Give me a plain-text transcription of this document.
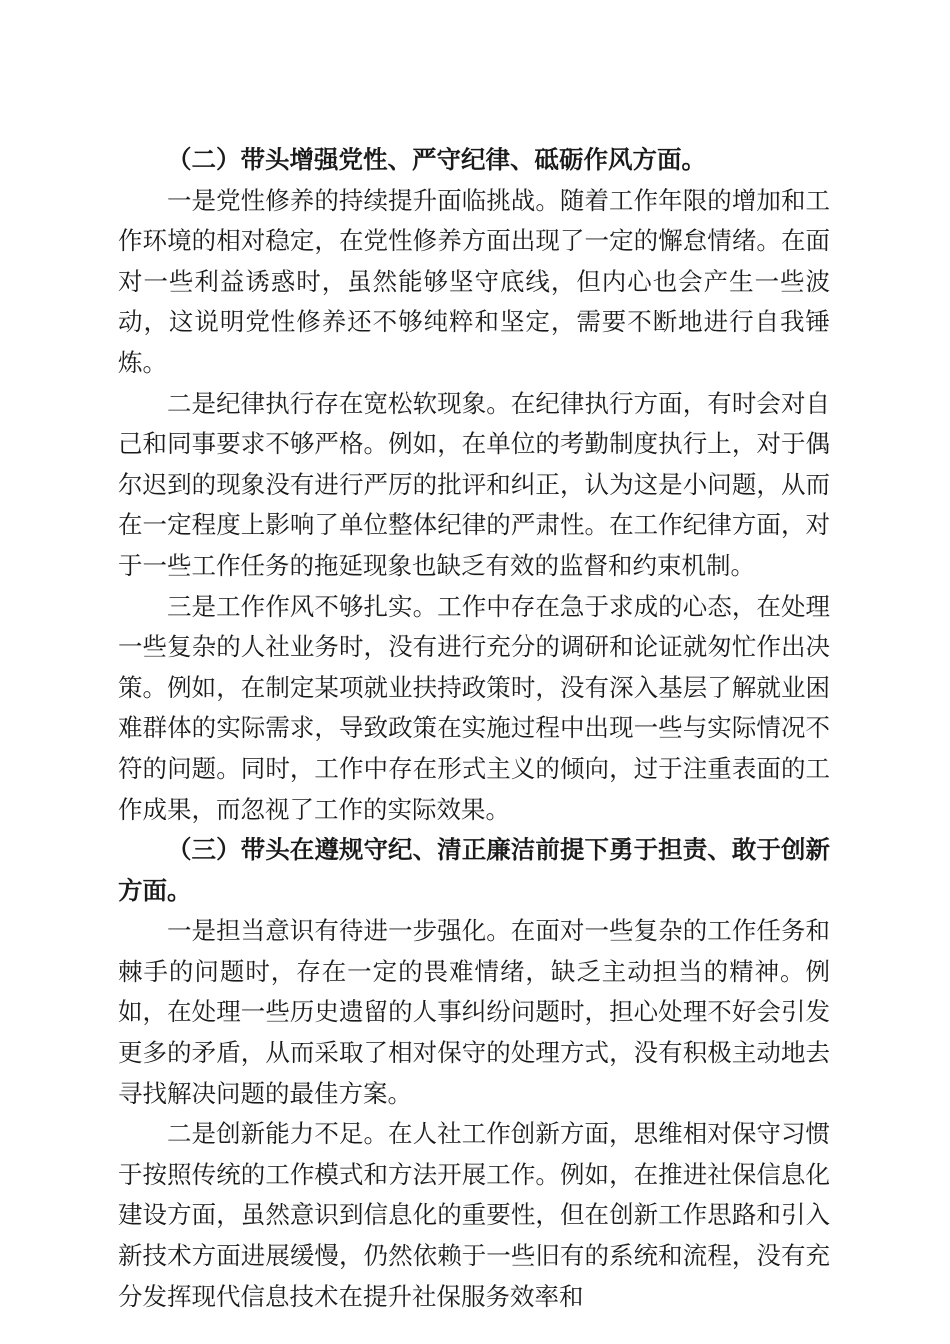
（二）带头增强党性、严守纪律、砥砺作风方面。

一是党性修养的持续提升面临挑战。随着工作年限的增加和工作环境的相对稳定，在党性修养方面出现了一定的懈怠情绪。在面对一些利益诱惑时，虽然能够坚守底线，但内心也会产生一些波动，这说明党性修养还不够纯粹和坚定，需要不断地进行自我锤炼。

二是纪律执行存在宽松软现象。在纪律执行方面，有时会对自己和同事要求不够严格。例如，在单位的考勤制度执行上，对于偶尔迟到的现象没有进行严厉的批评和纠正，认为这是小问题，从而在一定程度上影响了单位整体纪律的严肃性。在工作纪律方面，对于一些工作任务的拖延现象也缺乏有效的监督和约束机制。

三是工作作风不够扎实。工作中存在急于求成的心态，在处理一些复杂的人社业务时，没有进行充分的调研和论证就匆忙作出决策。例如，在制定某项就业扶持政策时，没有深入基层了解就业困难群体的实际需求，导致政策在实施过程中出现一些与实际情况不符的问题。同时，工作中存在形式主义的倾向，过于注重表面的工作成果，而忽视了工作的实际效果。

（三）带头在遵规守纪、清正廉洁前提下勇于担责、敢于创新方面。

一是担当意识有待进一步强化。在面对一些复杂的工作任务和棘手的问题时，存在一定的畏难情绪，缺乏主动担当的精神。例如，在处理一些历史遗留的人事纠纷问题时，担心处理不好会引发更多的矛盾，从而采取了相对保守的处理方式，没有积极主动地去寻找解决问题的最佳方案。

二是创新能力不足。在人社工作创新方面，思维相对保守习惯于按照传统的工作模式和方法开展工作。例如，在推进社保信息化建设方面，虽然意识到信息化的重要性，但在创新工作思路和引入新技术方面进展缓慢，仍然依赖于一些旧有的系统和流程，没有充分发挥现代信息技术在提升社保服务效率和
